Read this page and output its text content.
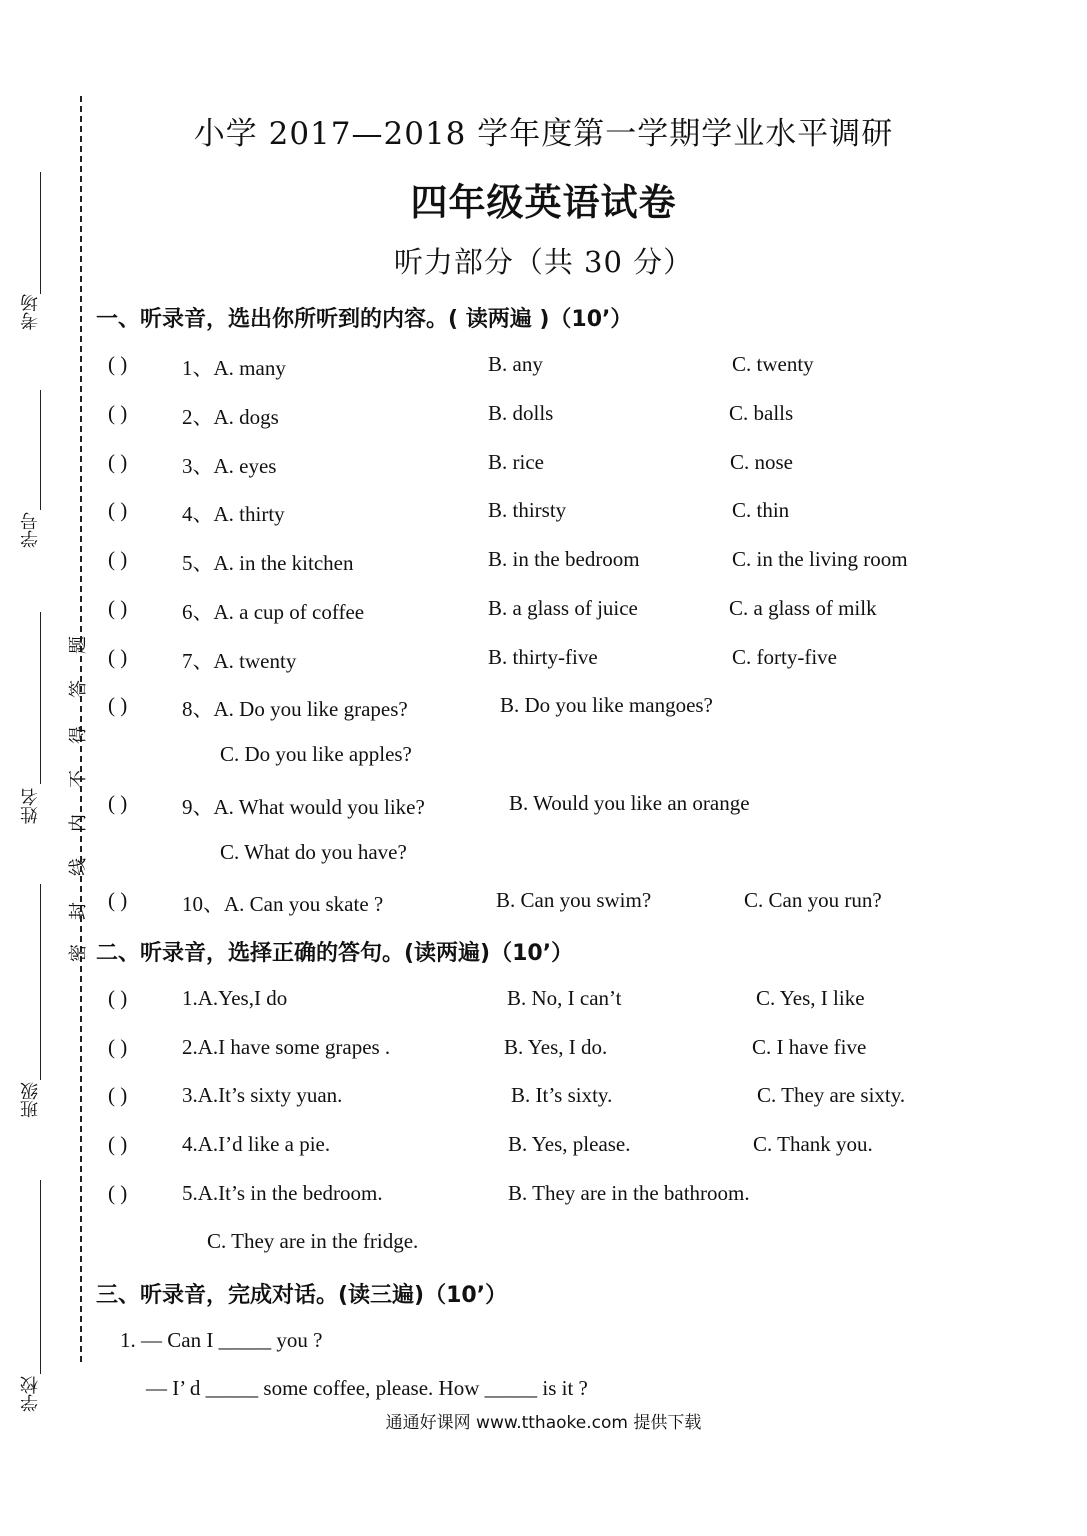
考场
学号
姓名
班级
学校
题
答
得
不
内
线
封
密
小学 2017—2018 学年度第一学期学业水平调研
四年级英语试卷
听力部分（共 30 分）
一、听录音，选出你所听到的内容。( 读两遍 )（10’）
( )	1、A. many	B. any	C. twenty
( )	2、A. dogs	B. dolls	C. balls
( )	3、A. eyes	B. rice	C. nose
( )	4、A. thirty	B. thirsty	C. thin
( )	5、A. in the kitchen	B. in the bedroom	C. in the living room
( )	6、A. a cup of coffee	B. a glass of juice	C. a glass of milk
( )	7、A. twenty	B. thirty-five	C. forty-five
( )	8、A. Do you like grapes?	B. Do you like mangoes?
C. Do you like apples?
( )	9、A. What would you like?	B. Would you like an orange
C. What do you have?
( )	10、A. Can you skate ?	B. Can you swim?	C. Can you run?
二、听录音，选择正确的答句。(读两遍)（10’）
( )	1.A.Yes,I do	B. No, I can’t	C. Yes, I like
( )	2.A.I have some grapes .	B. Yes, I do.	C. I have five
( )	3.A.It’s sixty yuan.	B. It’s sixty.	C. They are sixty.
( )	4.A.I’d like a pie.	B. Yes, please.	C. Thank you.
( )	5.A.It’s in the bedroom.	B. They are in the bathroom.
C. They are in the fridge.
三、听录音，完成对话。(读三遍)（10’）
1. — Can I _____ you ?
— I’ d _____ some coffee, please. How _____ is it ?
通通好课网 www.tthaoke.com 提供下载
